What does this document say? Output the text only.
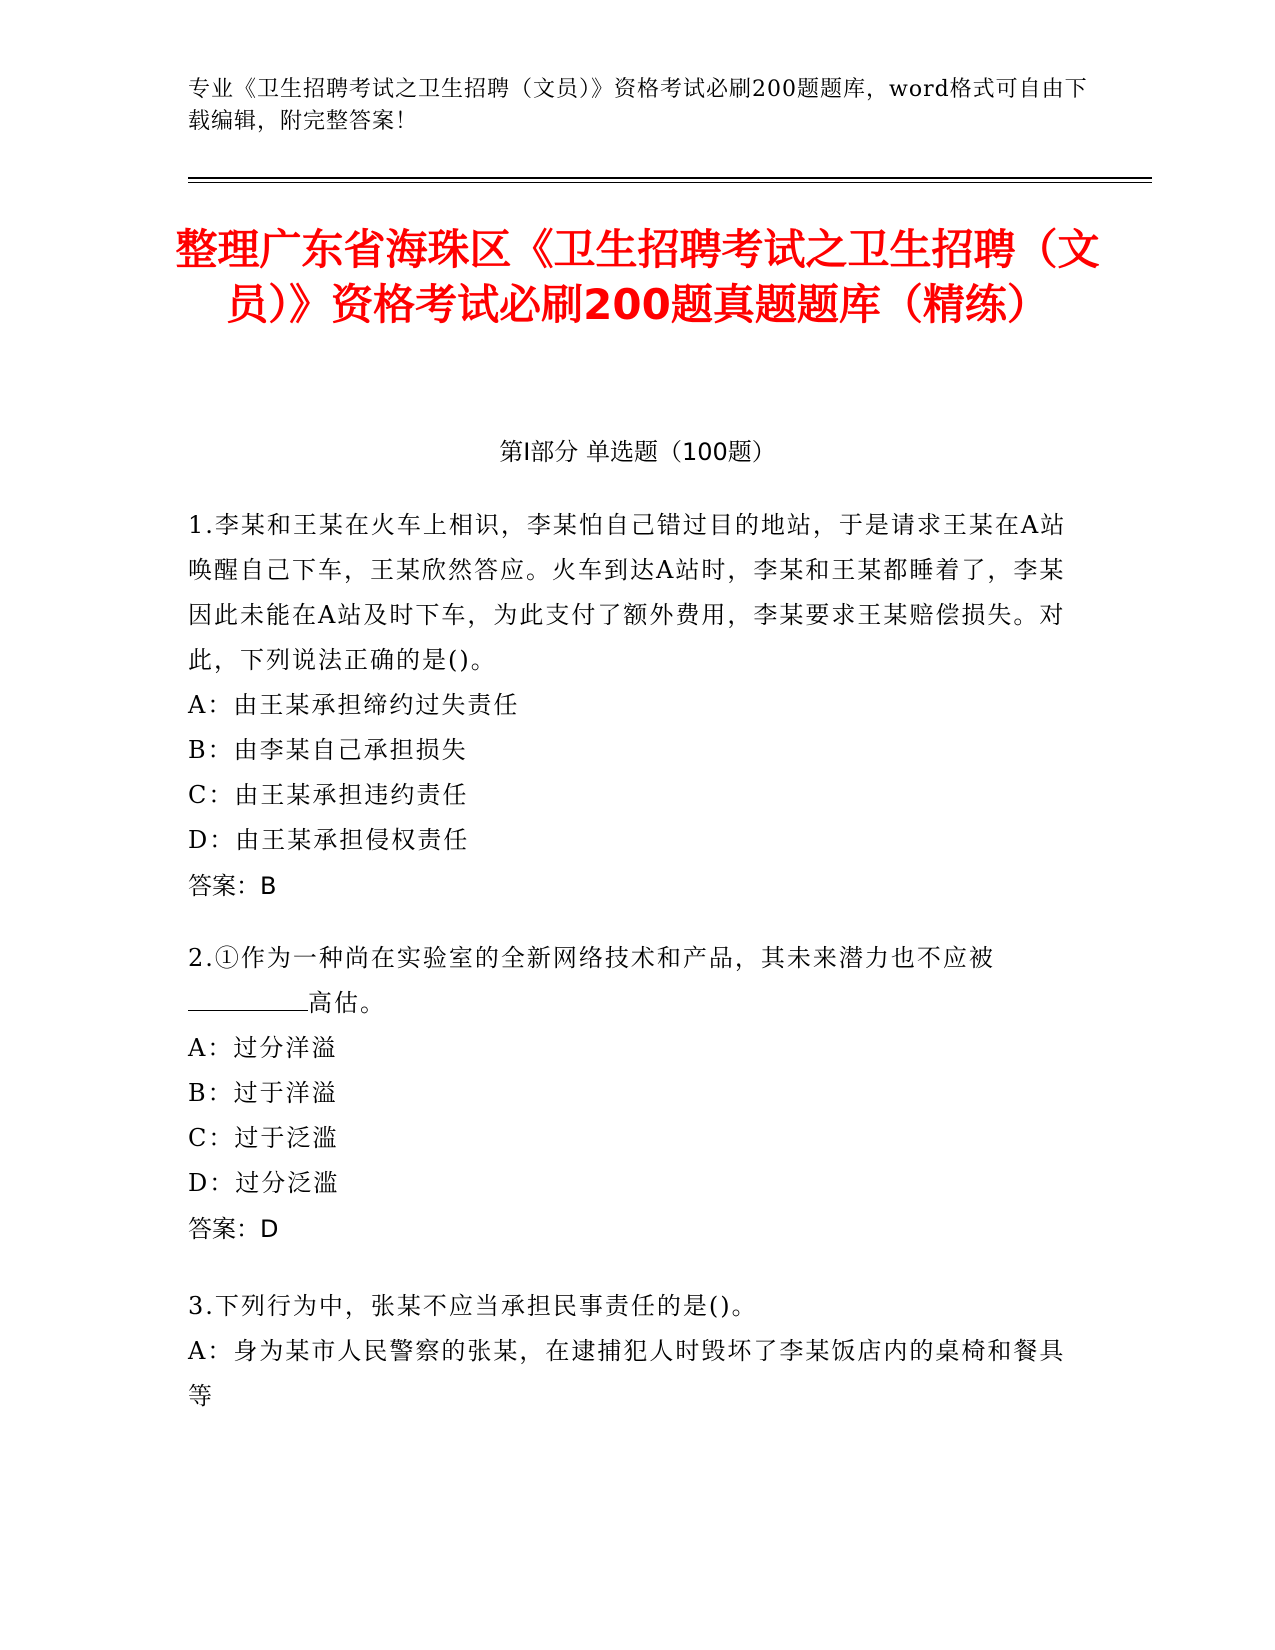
专业《卫生招聘考试之卫生招聘（文员）》资格考试必刷200题题库，word格式可自由下载编辑，附完整答案！
整理广东省海珠区《卫生招聘考试之卫生招聘（文员）》资格考试必刷200题真题题库（精练）
第Ⅰ部分 单选题（100题）
1.李某和王某在火车上相识，李某怕自己错过目的地站，于是请求王某在A站唤醒自己下车，王某欣然答应。火车到达A站时，李某和王某都睡着了，李某因此未能在A站及时下车，为此支付了额外费用，李某要求王某赔偿损失。对此，下列说法正确的是()。
A：由王某承担缔约过失责任
B：由李某自己承担损失
C：由王某承担违约责任
D：由王某承担侵权责任
答案：B
2.①作为一种尚在实验室的全新网络技术和产品，其未来潜力也不应被高估。
A：过分洋溢
B：过于洋溢
C：过于泛滥
D：过分泛滥
答案：D
3.下列行为中，张某不应当承担民事责任的是()。
A：身为某市人民警察的张某，在逮捕犯人时毁坏了李某饭店内的桌椅和餐具等
